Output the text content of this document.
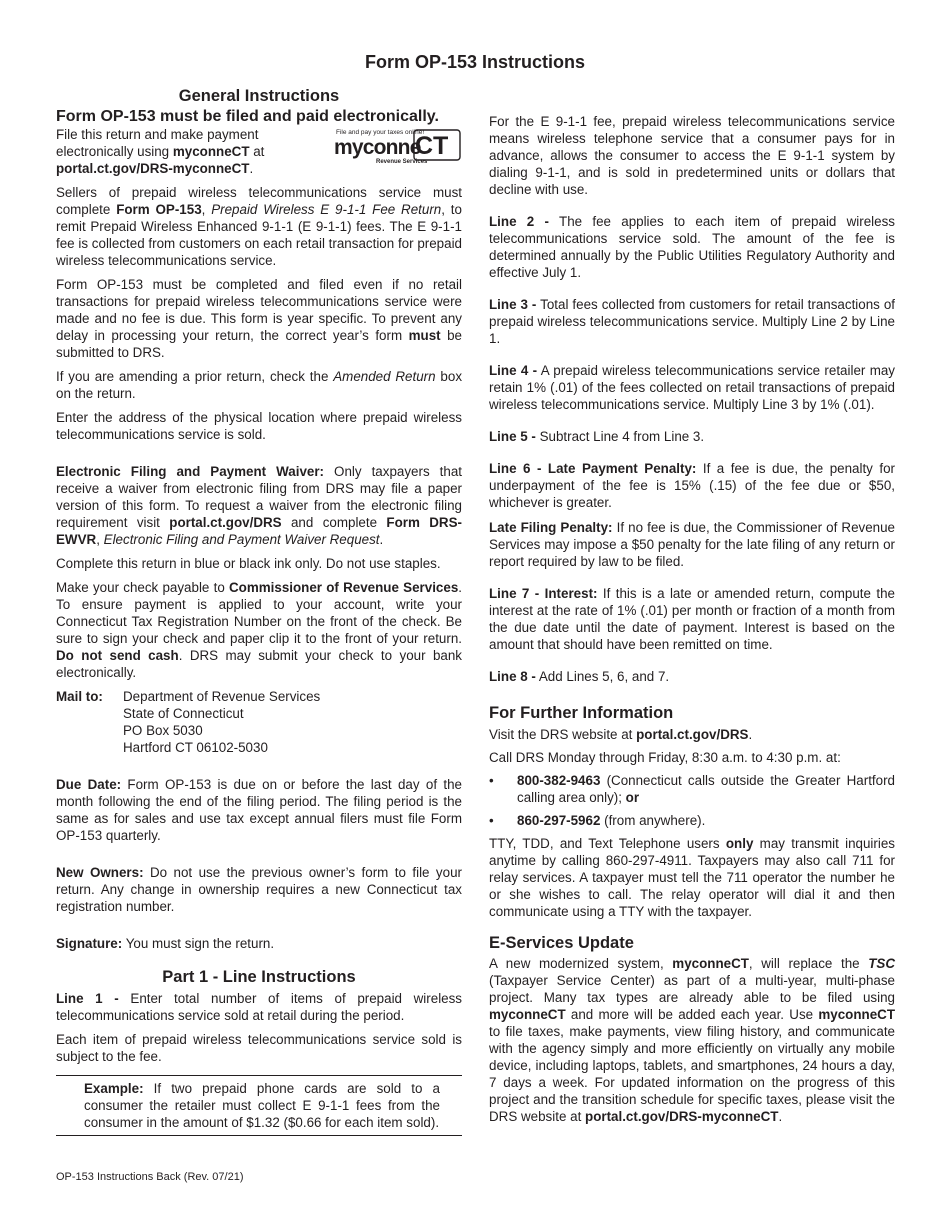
Form OP-153 Instructions

General Instructions

Form OP-153 must be filed and paid electronically.

File this return and make payment electronically using myconneCT at portal.ct.gov/DRS-myconneCT.

File and pay your taxes online!
myconne
CT
Revenue Services

Sellers of prepaid wireless telecommunications service must complete Form OP-153, Prepaid Wireless E 9-1-1 Fee Return, to remit Prepaid Wireless Enhanced 9-1-1 (E 9-1-1) fees. The E 9-1-1 fee is collected from customers on each retail transaction for prepaid wireless telecommunications service.

Form OP-153 must be completed and filed even if no retail transactions for prepaid wireless telecommunications service were made and no fee is due. This form is year specific. To prevent any delay in processing your return, the correct year’s form must be submitted to DRS.

If you are amending a prior return, check the Amended Return box on the return.

Enter the address of the physical location where prepaid wireless telecommunications service is sold.

Electronic Filing and Payment Waiver: Only taxpayers that receive a waiver from electronic filing from DRS may file a paper version of this form. To request a waiver from the electronic filing requirement visit portal.ct.gov/DRS and complete Form DRS-EWVR, Electronic Filing and Payment Waiver Request.

Complete this return in blue or black ink only. Do not use staples.

Make your check payable to Commissioner of Revenue Services. To ensure payment is applied to your account, write your Connecticut Tax Registration Number on the front of the check. Be sure to sign your check and paper clip it to the front of your return. Do not send cash. DRS may submit your check to your bank electronically.

Mail to:	Department of Revenue Services
State of Connecticut
PO Box 5030
Hartford CT 06102-5030

Due Date: Form OP-153 is due on or before the last day of the month following the end of the filing period. The filing period is the same as for sales and use tax except annual filers must file Form OP-153 quarterly.

New Owners: Do not use the previous owner’s form to file your return. Any change in ownership requires a new Connecticut tax registration number.

Signature: You must sign the return.

Part 1 - Line Instructions

Line 1 - Enter total number of items of prepaid wireless telecommunications service sold at retail during the period.

Each item of prepaid wireless telecommunications service sold is subject to the fee.

Example: If two prepaid phone cards are sold to a consumer the retailer must collect E 9-1-1 fees from the consumer in the amount of $1.32 ($0.66 for each item sold).

For the E 9-1-1 fee, prepaid wireless telecommunications service means wireless telephone service that a consumer pays for in advance, allows the consumer to access the E 9-1-1 system by dialing 9-1-1, and is sold in predetermined units or dollars that decline with use.

Line 2 - The fee applies to each item of prepaid wireless telecommunications service sold. The amount of the fee is determined annually by the Public Utilities Regulatory Authority and effective July 1.

Line 3 - Total fees collected from customers for retail transactions of prepaid wireless telecommunications service. Multiply Line 2 by Line 1.

Line 4 - A prepaid wireless telecommunications service retailer may retain 1% (.01) of the fees collected on retail transactions of prepaid wireless telecommunications service. Multiply Line 3 by 1% (.01).

Line 5 - Subtract Line 4 from Line 3.

Line 6 - Late Payment Penalty: If a fee is due, the penalty for underpayment of the fee is 15% (.15) of the fee due or $50, whichever is greater.

Late Filing Penalty: If no fee is due, the Commissioner of Revenue Services may impose a $50 penalty for the late filing of any return or report required by law to be filed.

Line 7 - Interest: If this is a late or amended return, compute the interest at the rate of 1% (.01) per month or fraction of a month from the due date until the date of payment. Interest is based on the amount that should have been remitted on time.

Line 8 - Add Lines 5, 6, and 7.

For Further Information

Visit the DRS website at portal.ct.gov/DRS.

Call DRS Monday through Friday, 8:30 a.m. to 4:30 p.m. at:

•	800-382-9463 (Connecticut calls outside the Greater Hartford calling area only); or
•	860-297-5962 (from anywhere).

TTY, TDD, and Text Telephone users only may transmit inquiries anytime by calling 860-297-4911. Taxpayers may also call 711 for relay services. A taxpayer must tell the 711 operator the number he or she wishes to call. The relay operator will dial it and then communicate using a TTY with the taxpayer.

E-Services Update

A new modernized system, myconneCT, will replace the TSC (Taxpayer Service Center) as part of a multi-year, multi-phase project. Many tax types are already able to be filed using myconneCT and more will be added each year. Use myconneCT to file taxes, make payments, view filing history, and communicate with the agency simply and more efficiently on virtually any mobile device, including laptops, tablets, and smartphones, 24 hours a day, 7 days a week. For updated information on the progress of this project and the transition schedule for specific taxes, please visit the DRS website at portal.ct.gov/DRS-myconneCT.

OP-153 Instructions Back (Rev. 07/21)
